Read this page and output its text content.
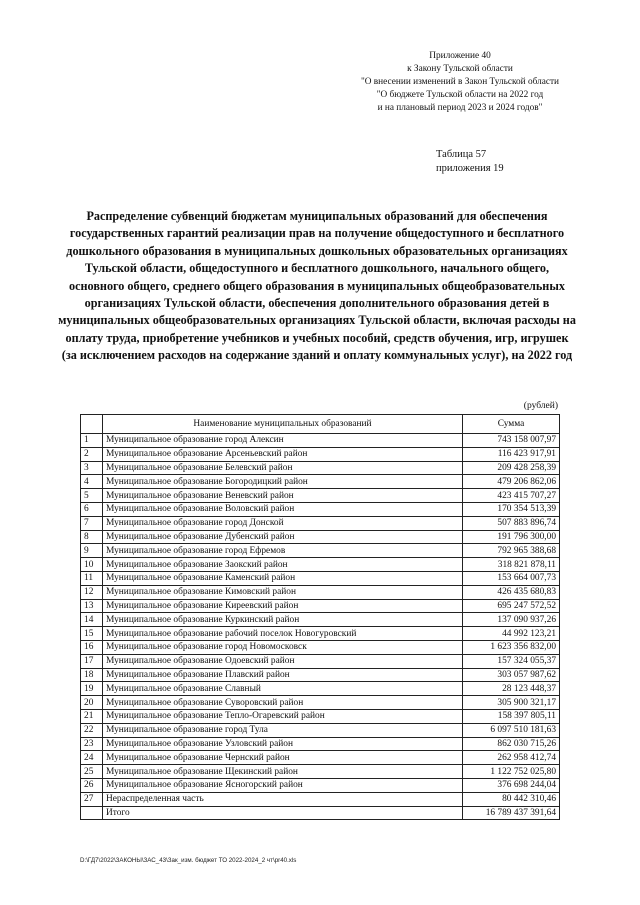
Приложение 40
к Закону Тульской области
"О внесении изменений в Закон Тульской области
"О бюджете Тульской области на 2022 год
и на плановый период 2023 и 2024 годов"
Таблица 57
приложения 19
Распределение субвенций бюджетам муниципальных образований для обеспечения государственных гарантий реализации прав на получение общедоступного и бесплатного дошкольного образования в муниципальных дошкольных образовательных организациях Тульской области, общедоступного и бесплатного дошкольного, начального общего, основного общего, среднего общего образования в муниципальных общеобразовательных организациях Тульской области, обеспечения дополнительного образования детей в муниципальных общеобразовательных организациях Тульской области, включая расходы на оплату труда, приобретение учебников и учебных пособий, средств обучения, игр, игрушек (за исключением расходов на содержание зданий и оплату коммунальных услуг), на 2022 год
(рублей)
	Наименование муниципальных образований	Сумма
1	Муниципальное образование город Алексин	743 158 007,97
2	Муниципальное образование Арсеньевский район	116 423 917,91
3	Муниципальное образование Белевский район	209 428 258,39
4	Муниципальное образование Богородицкий район	479 206 862,06
5	Муниципальное образование Веневский район	423 415 707,27
6	Муниципальное образование Воловский район	170 354 513,39
7	Муниципальное образование город Донской	507 883 896,74
8	Муниципальное образование Дубенский район	191 796 300,00
9	Муниципальное образование город Ефремов	792 965 388,68
10	Муниципальное образование Заокский район	318 821 878,11
11	Муниципальное образование Каменский район	153 664 007,73
12	Муниципальное образование Кимовский район	426 435 680,83
13	Муниципальное образование Киреевский район	695 247 572,52
14	Муниципальное образование Куркинский район	137 090 937,26
15	Муниципальное образование рабочий поселок Новогуровский	44 992 123,21
16	Муниципальное образование город Новомосковск	1 623 356 832,00
17	Муниципальное образование Одоевский район	157 324 055,37
18	Муниципальное образование Плавский район	303 057 987,62
19	Муниципальное образование Славный	28 123 448,37
20	Муниципальное образование Суворовский район	305 900 321,17
21	Муниципальное образование Тепло-Огаревский район	158 397 805,11
22	Муниципальное образование город Тула	6 097 510 181,63
23	Муниципальное образование Узловский район	862 030 715,26
24	Муниципальное образование Чернский район	262 958 412,74
25	Муниципальное образование Щекинский район	1 122 752 025,80
26	Муниципальное образование Ясногорский район	376 698 244,04
27	Нераспределенная часть	80 442 310,46
	Итого	16 789 437 391,64
D:\ГД7\2022\ЗАКОНЫ\ЗАС_43\Зак_изм. бюджет ТО 2022-2024_2 чт\pr40.xls
